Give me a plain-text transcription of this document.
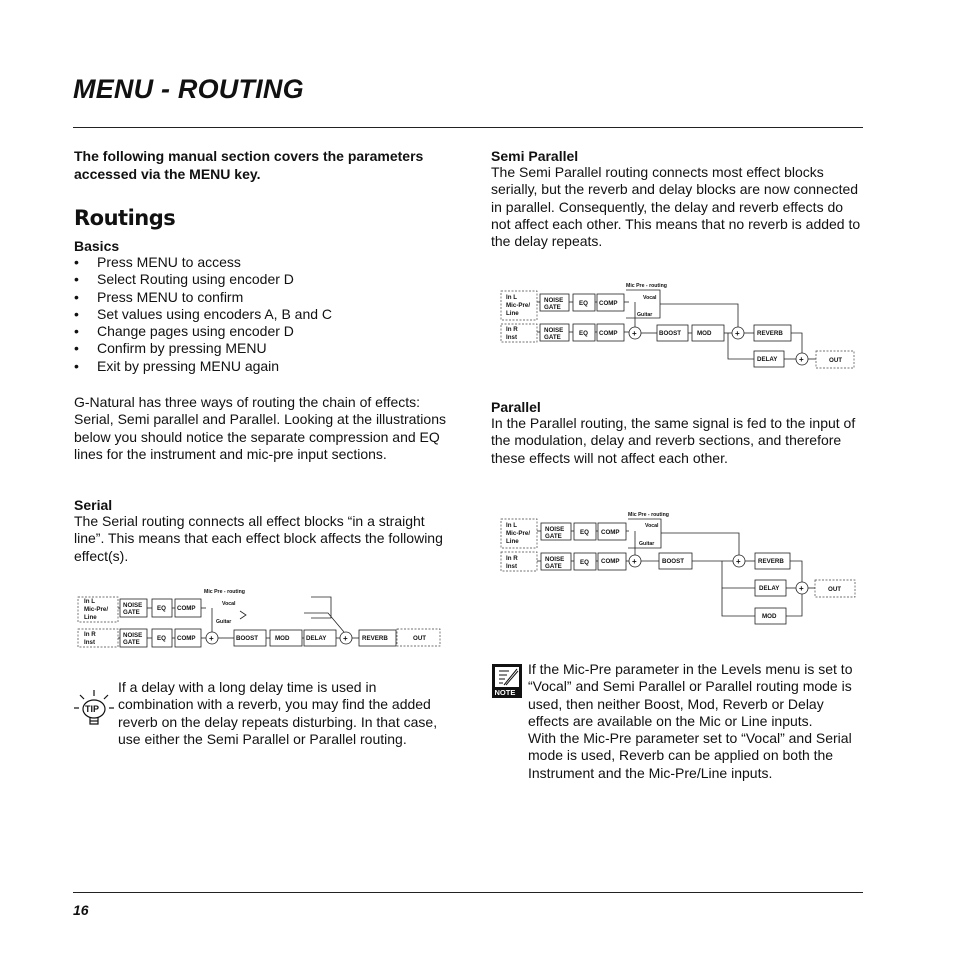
MENU - ROUTING
The following manual section covers the parameters accessed via the MENU key.
Routings
Basics
• Press MENU to access
• Select Routing using encoder D
• Press MENU to confirm
• Set values using encoders A, B and C
• Change pages using encoder D
• Confirm by pressing MENU
• Exit by pressing MENU again
G-Natural has three ways of routing the chain of effects: Serial, Semi parallel and Parallel. Looking at the illustrations below you should notice the separate compression and EQ lines for the instrument and mic-pre input sections.
Serial
The Serial routing connects all effect blocks “in a straight line”. This means that each effect block affects the following effect(s).
In L
Mic-Pre/
Line
In R
Inst
NOISE
GATE
EQ COMP
NOISE
GATE
EQ COMP	BOOST	MOD	DELAY	REVERB	OUT
Mic Pre - routing
Vocal
Guitar
+	+
TIP
If a delay with a long delay time is used in combination with a reverb, you may find the added reverb on the delay repeats disturbing. In that case, use either the Semi Parallel or Parallel routing.
Semi Parallel
The Semi Parallel routing connects most effect blocks serially, but the reverb and delay blocks are now connected in parallel. Consequently, the delay and reverb effects do not affect each other. This means that no reverb is added to the delay repeats.
In L
Mic-Pre/
Line
In R
Inst
NOISE
GATE
EQ COMP
NOISE
GATE
EQ COMP	BOOST	MOD	REVERB
DELAY	OUT
Mic Pre - routing
Vocal
Guitar
+	+
+
Parallel
In the Parallel routing, the same signal is fed to the input of the modulation, delay and reverb sections, and therefore these effects will not affect each other.
In L
Mic-Pre/
Line
In R
Inst
NOISE
GATE
EQ COMP
NOISE
GATE
EQ COMP	BOOST	REVERB
DELAY
MOD
OUT
Mic Pre - routing
Vocal
Guitar
+	+
+
NOTE
If the Mic-Pre parameter in the Levels menu is set to “Vocal” and Semi Parallel or Parallel routing mode is used, then neither Boost, Mod, Reverb or Delay effects are available on the Mic or Line inputs.
With the Mic-Pre parameter set to “Vocal” and Serial mode is used, Reverb can be applied on both the Instrument and the Mic-Pre/Line inputs.
16
